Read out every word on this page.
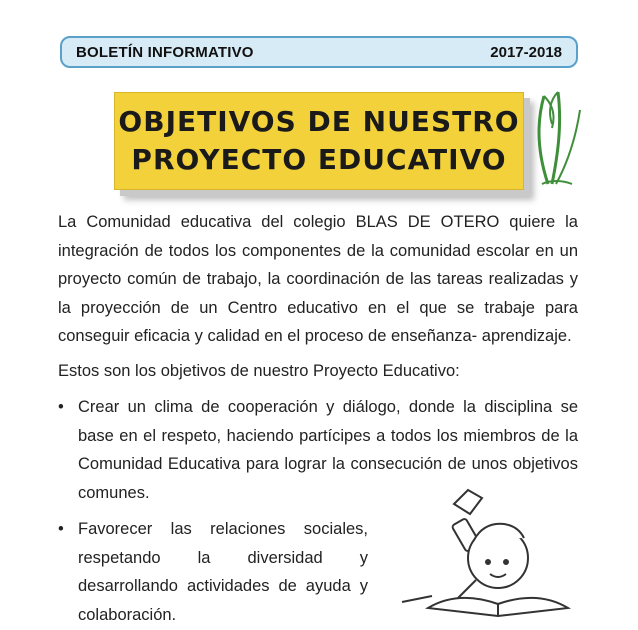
BOLETÍN INFORMATIVO	2017-2018
OBJETIVOS DE NUESTRO
PROYECTO EDUCATIVO

La Comunidad educativa del colegio BLAS DE OTERO quiere la integración de todos los componentes de la comunidad escolar en un proyecto común de trabajo, la coordinación de las tareas realizadas y la proyección de un Centro educativo en el que se trabaje para conseguir eficacia y calidad en el proceso de enseñanza- aprendizaje.

Estos son los objetivos de nuestro Proyecto Educativo:

• Crear un clima de cooperación y diálogo, donde la disciplina se base en el respeto, haciendo partícipes a todos los miembros de la Comunidad Educativa para lograr la consecución de unos objetivos comunes.
• Favorecer las relaciones sociales, respetando la diversidad y desarrollando actividades de ayuda y colaboración.
